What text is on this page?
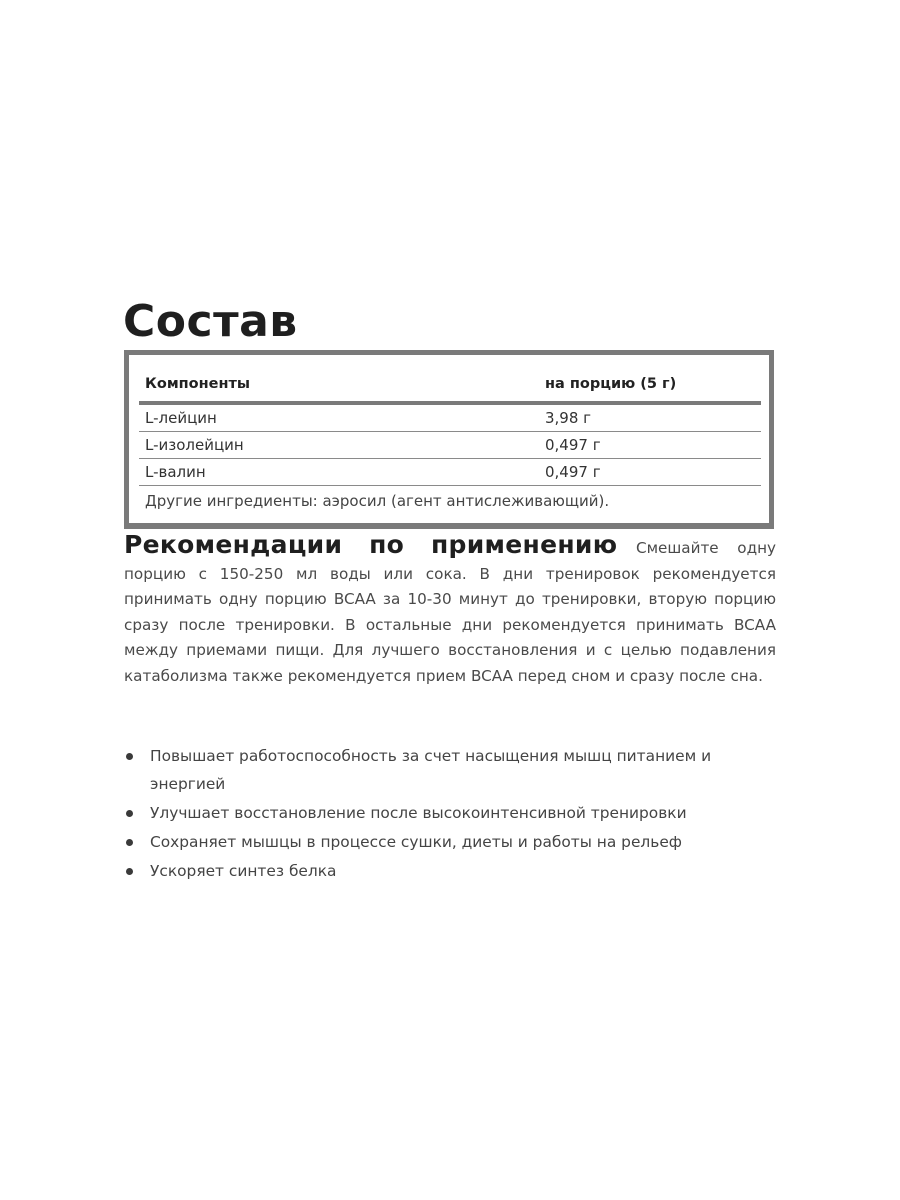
Состав
Компоненты	на порцию (5 г)
L-лейцин	3,98 г
L-изолейцин	0,497 г
L-валин	0,497 г
Другие ингредиенты: аэросил (агент антислеживающий).

Рекомендации по применению Смешайте одну порцию с 150-250 мл воды или сока. В дни тренировок рекомендуется принимать одну порцию BCAA за 10-30 минут до тренировки, вторую порцию сразу после тренировки. В остальные дни рекомендуется принимать BCAA между приемами пищи. Для лучшего восстановления и с целью подавления катаболизма также рекомендуется прием BCAA перед сном и сразу после сна.

Повышает работоспособность за счет насыщения мышц питанием и энергией
Улучшает восстановление после высокоинтенсивной тренировки
Сохраняет мышцы в процессе сушки, диеты и работы на рельеф
Ускоряет синтез белка
